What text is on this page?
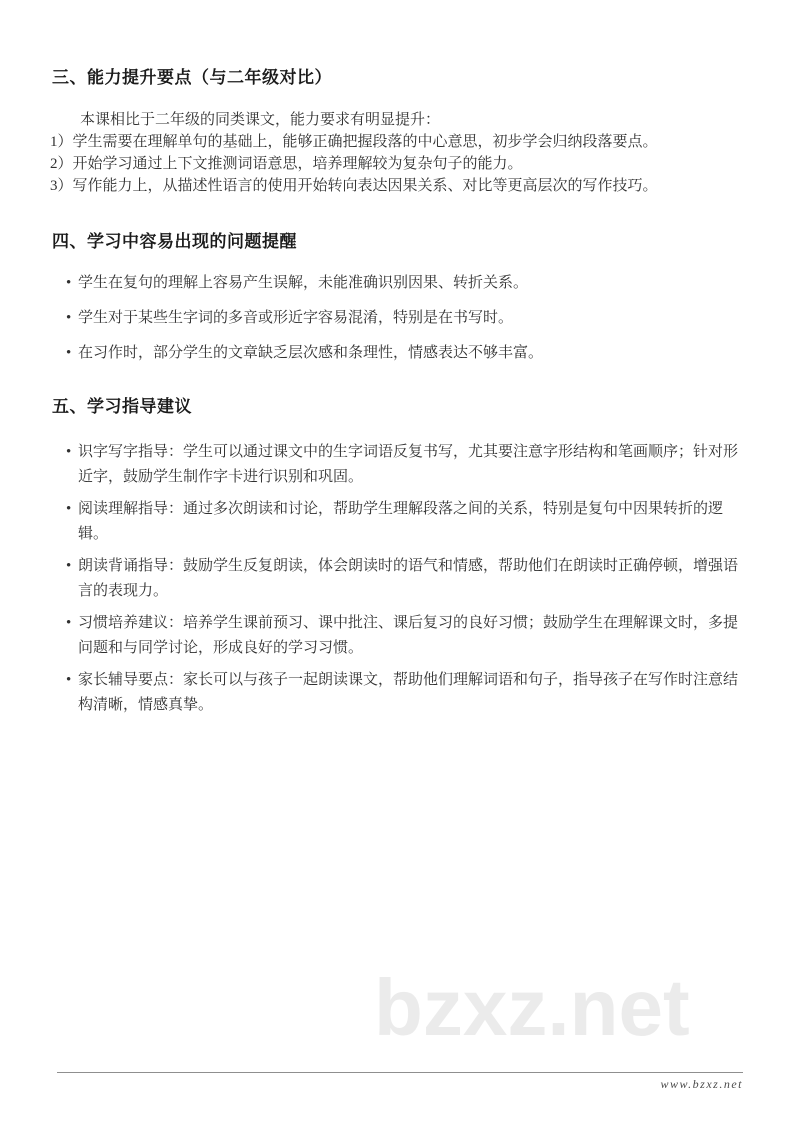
三、能力提升要点（与二年级对比）

本课相比于二年级的同类课文，能力要求有明显提升：

1）学生需要在理解单句的基础上，能够正确把握段落的中心意思，初步学会归纳段落要点。

2）开始学习通过上下文推测词语意思，培养理解较为复杂句子的能力。

3）写作能力上，从描述性语言的使用开始转向表达因果关系、对比等更高层次的写作技巧。

四、学习中容易出现的问题提醒
• 学生在复句的理解上容易产生误解，未能准确识别因果、转折关系。
• 学生对于某些生字词的多音或形近字容易混淆，特别是在书写时。
• 在习作时，部分学生的文章缺乏层次感和条理性，情感表达不够丰富。
五、学习指导建议
• 识字写字指导：学生可以通过课文中的生字词语反复书写，尤其要注意字形结构和笔画顺序；针对形近字，鼓励学生制作字卡进行识别和巩固。
• 阅读理解指导：通过多次朗读和讨论，帮助学生理解段落之间的关系，特别是复句中因果转折的逻辑。
• 朗读背诵指导：鼓励学生反复朗读，体会朗读时的语气和情感，帮助他们在朗读时正确停顿，增强语言的表现力。
• 习惯培养建议：培养学生课前预习、课中批注、课后复习的良好习惯；鼓励学生在理解课文时，多提问题和与同学讨论，形成良好的学习习惯。
• 家长辅导要点：家长可以与孩子一起朗读课文，帮助他们理解词语和句子，指导孩子在写作时注意结构清晰，情感真挚。
bzxz.net
www.bzxz.net
